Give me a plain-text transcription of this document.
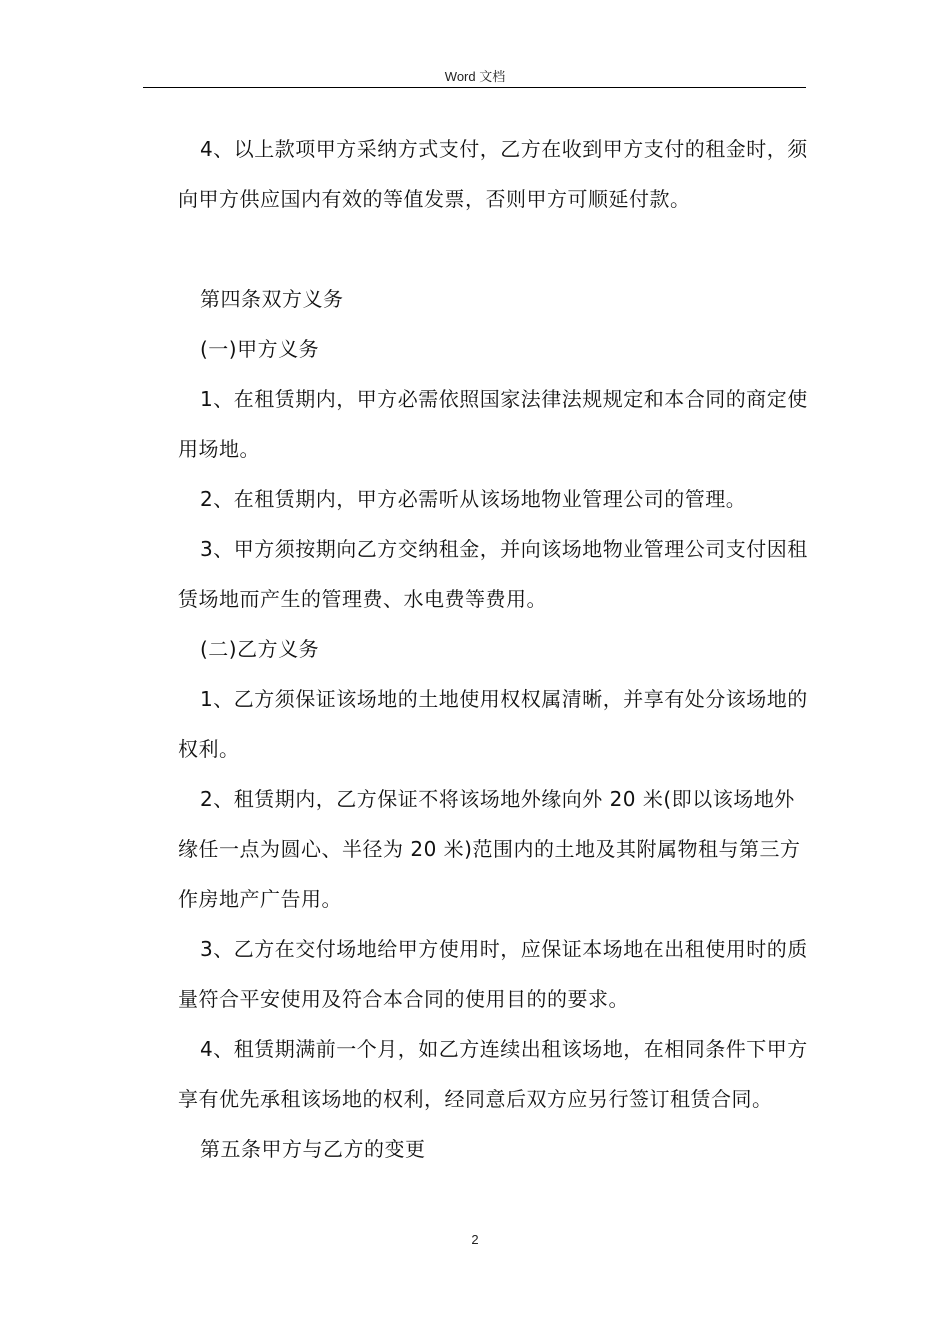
Word 文档

4、以上款项甲方采纳方式支付，乙方在收到甲方支付的租金时，须向甲方供应国内有效的等值发票，否则甲方可顺延付款。

第四条双方义务

(一)甲方义务

1、在租赁期内，甲方必需依照国家法律法规规定和本合同的商定使用场地。

2、在租赁期内，甲方必需听从该场地物业管理公司的管理。

3、甲方须按期向乙方交纳租金，并向该场地物业管理公司支付因租赁场地而产生的管理费、水电费等费用。

(二)乙方义务

1、乙方须保证该场地的土地使用权权属清晰，并享有处分该场地的权利。

2、租赁期内，乙方保证不将该场地外缘向外 20 米(即以该场地外缘任一点为圆心、半径为 20 米)范围内的土地及其附属物租与第三方作房地产广告用。

3、乙方在交付场地给甲方使用时，应保证本场地在出租使用时的质量符合平安使用及符合本合同的使用目的的要求。

4、租赁期满前一个月，如乙方连续出租该场地，在相同条件下甲方享有优先承租该场地的权利，经同意后双方应另行签订租赁合同。

第五条甲方与乙方的变更

2
